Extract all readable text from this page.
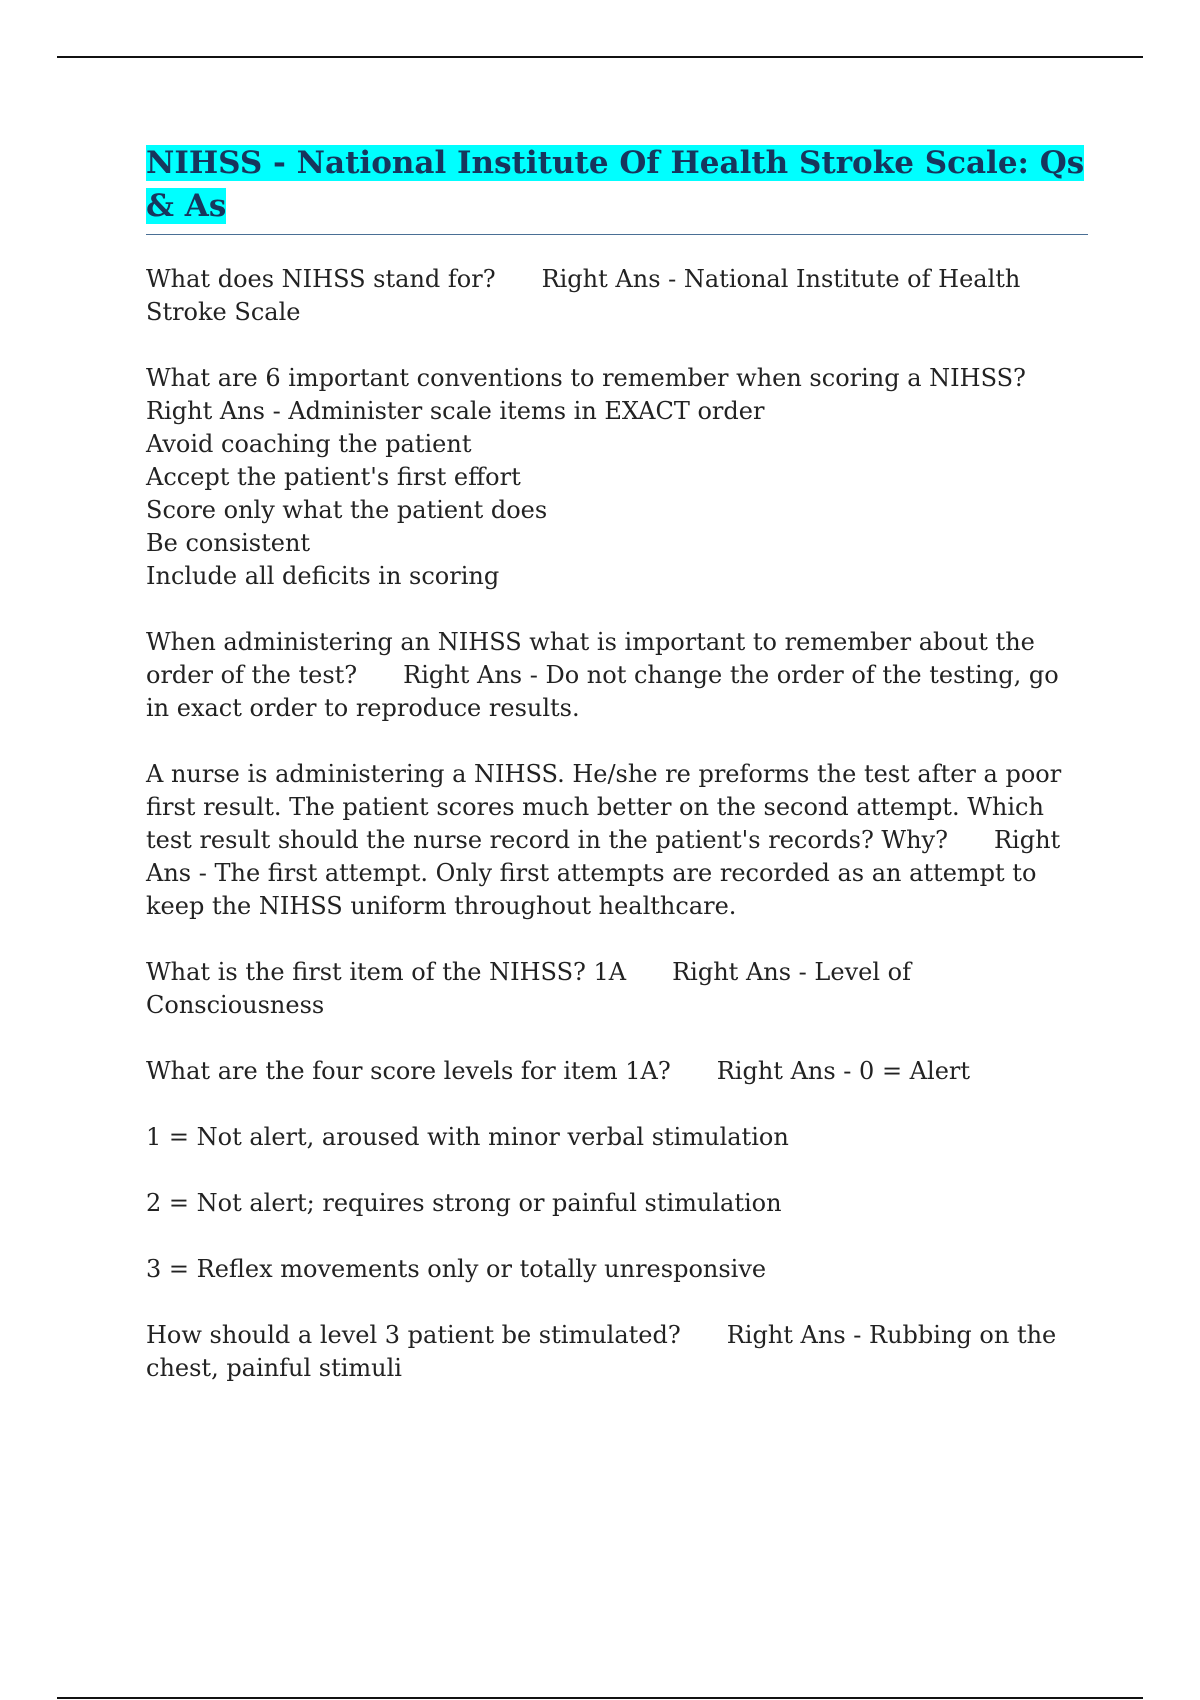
NIHSS - National Institute Of Health Stroke Scale: Qs & As

What does NIHSS stand for? Right Ans - National Institute of Health Stroke Scale

What are 6 important conventions to remember when scoring a NIHSS?
Right Ans - Administer scale items in EXACT order
Avoid coaching the patient
Accept the patient's first effort
Score only what the patient does
Be consistent
Include all deficits in scoring

When administering an NIHSS what is important to remember about the order of the test? Right Ans - Do not change the order of the testing, go in exact order to reproduce results.

A nurse is administering a NIHSS. He/she re preforms the test after a poor first result. The patient scores much better on the second attempt. Which test result should the nurse record in the patient's records? Why? Right Ans - The first attempt. Only first attempts are recorded as an attempt to keep the NIHSS uniform throughout healthcare.

What is the first item of the NIHSS? 1A Right Ans - Level of Consciousness

What are the four score levels for item 1A? Right Ans - 0 = Alert

1 = Not alert, aroused with minor verbal stimulation

2 = Not alert; requires strong or painful stimulation

3 = Reflex movements only or totally unresponsive

How should a level 3 patient be stimulated? Right Ans - Rubbing on the chest, painful stimuli
